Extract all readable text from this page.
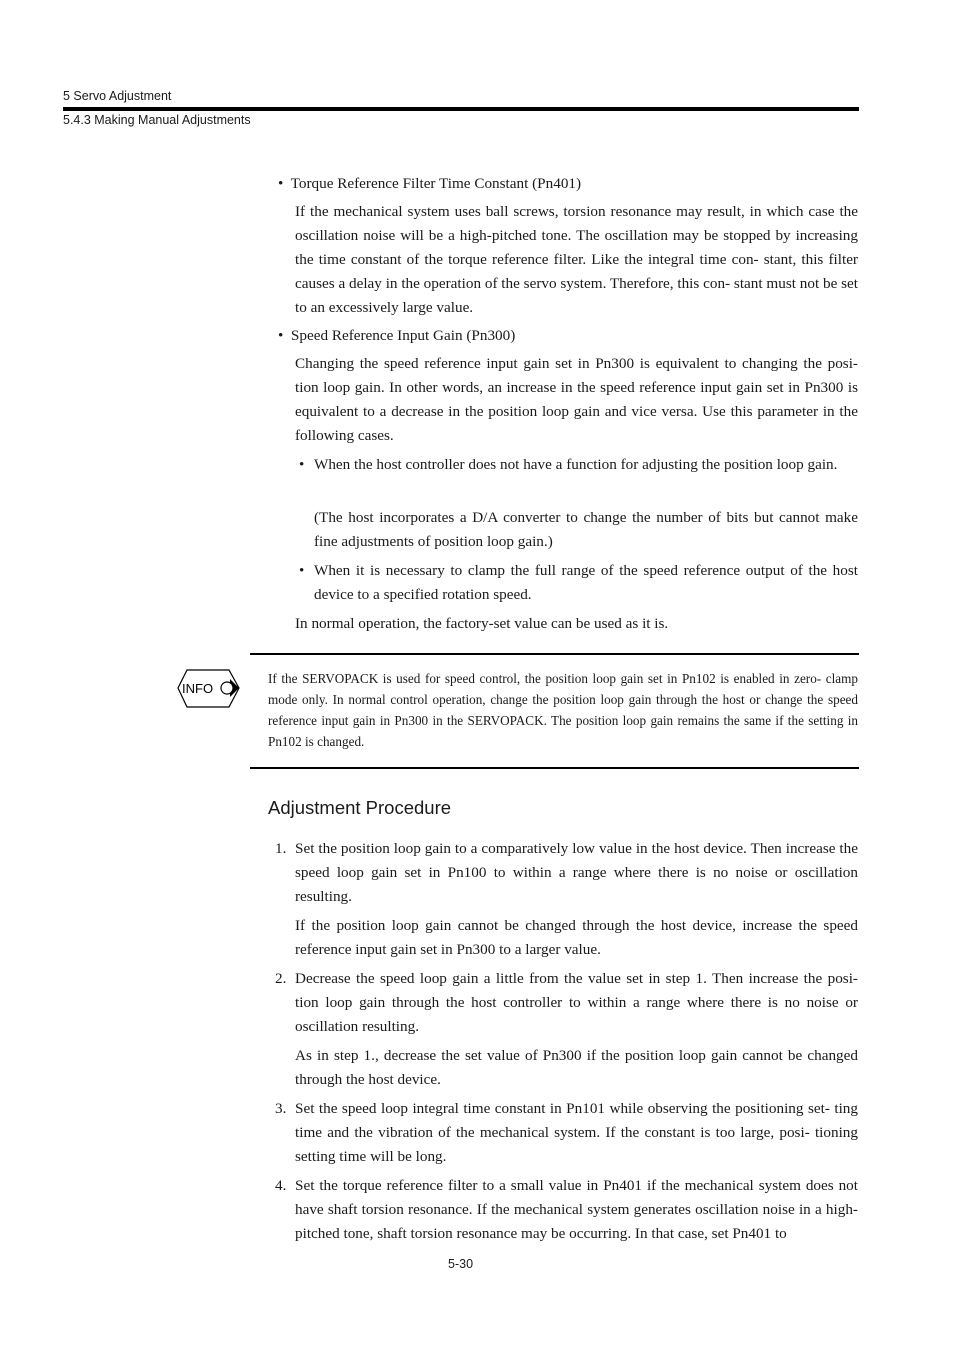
5 Servo Adjustment
5.4.3 Making Manual Adjustments
• Torque Reference Filter Time Constant (Pn401)

If the mechanical system uses ball screws, torsion resonance may result, in which case the oscillation noise will be a high-pitched tone. The oscillation may be stopped by increasing the time constant of the torque reference filter. Like the integral time con- stant, this filter causes a delay in the operation of the servo system. Therefore, this con- stant must not be set to an excessively large value.

• Speed Reference Input Gain (Pn300)

Changing the speed reference input gain set in Pn300 is equivalent to changing the posi- tion loop gain. In other words, an increase in the speed reference input gain set in Pn300 is equivalent to a decrease in the position loop gain and vice versa. Use this parameter in the following cases.

• When the host controller does not have a function for adjusting the position loop gain.

(The host incorporates a D/A converter to change the number of bits but cannot make fine adjustments of position loop gain.)

• When it is necessary to clamp the full range of the speed reference output of the host device to a specified rotation speed.

In normal operation, the factory-set value can be used as it is.

INFO

If the SERVOPACK is used for speed control, the position loop gain set in Pn102 is enabled in zero- clamp mode only. In normal control operation, change the position loop gain through the host or change the speed reference input gain in Pn300 in the SERVOPACK. The position loop gain remains the same if the setting in Pn102 is changed.

Adjustment Procedure
1. Set the position loop gain to a comparatively low value in the host device. Then increase the speed loop gain set in Pn100 to within a range where there is no noise or oscillation resulting.

If the position loop gain cannot be changed through the host device, increase the speed reference input gain set in Pn300 to a larger value.

2. Decrease the speed loop gain a little from the value set in step 1. Then increase the posi- tion loop gain through the host controller to within a range where there is no noise or oscillation resulting.

As in step 1., decrease the set value of Pn300 if the position loop gain cannot be changed through the host device.

3. Set the speed loop integral time constant in Pn101 while observing the positioning set- ting time and the vibration of the mechanical system. If the constant is too large, posi- tioning setting time will be long.

4. Set the torque reference filter to a small value in Pn401 if the mechanical system does not have shaft torsion resonance. If the mechanical system generates oscillation noise in a high-pitched tone, shaft torsion resonance may be occurring. In that case, set Pn401 to

5-30
